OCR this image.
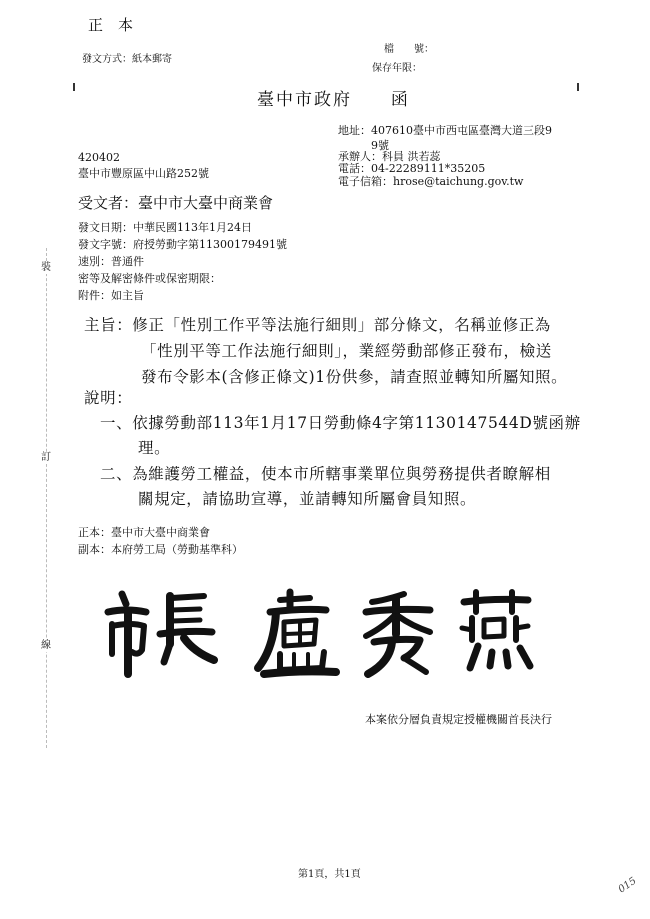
正　本
發文方式：紙本郵寄
檔　　號：
保存年限：
臺中市政府 函
地址：407610臺中市西屯區臺灣大道三段9
9號
承辦人：科員 洪若蕊
電話：04-22289111*35205
電子信箱：hrose@taichung.gov.tw
420402
臺中市豐原區中山路252號
受文者：臺中市大臺中商業會
發文日期：中華民國113年1月24日
發文字號：府授勞動字第11300179491號
速別：普通件
密等及解密條件或保密期限：
附件：如主旨
主旨：修正「性別工作平等法施行細則」部分條文，名稱並修正為
「性別平等工作法施行細則」，業經勞動部修正發布，檢送
發布令影本(含修正條文)1份供參，請查照並轉知所屬知照。
說明：
一、依據勞動部113年1月17日勞動條4字第1130147544D號函辦
理。
二、為維護勞工權益，使本市所轄事業單位與勞務提供者瞭解相
關規定，請協助宣導，並請轉知所屬會員知照。
正本：臺中市大臺中商業會
副本：本府勞工局（勞動基準科）
本案依分層負責規定授權機關首長決行
第1頁，共1頁
015
裝
訂
線
